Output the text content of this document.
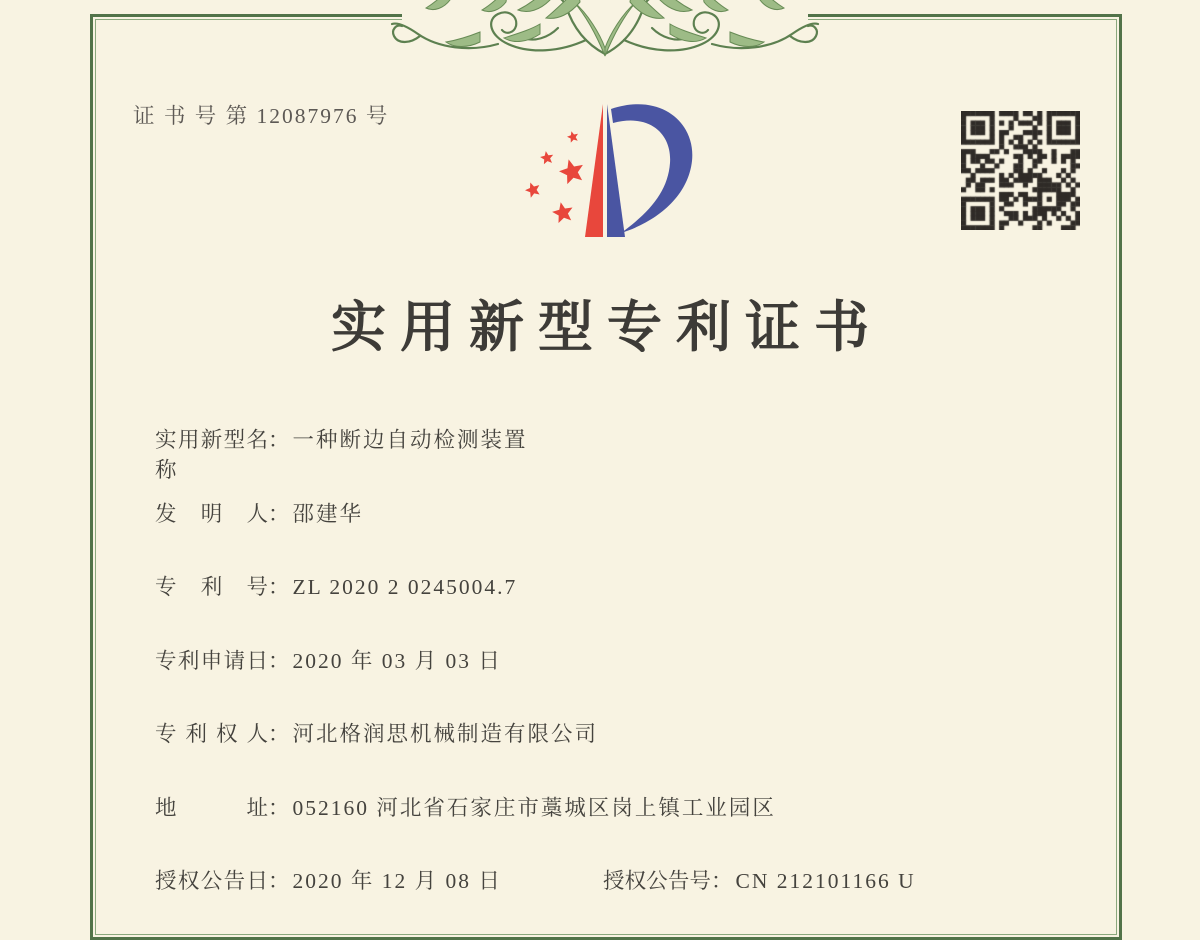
证 书 号 第 12087976 号
实用新型专利证书
实用新型名称
： 一种断边自动检测装置
发明人 ： 邵建华
专利号 ： ZL 2020 2 0245004.7
专利申请日 ： 2020 年 03 月 03 日
专利权人 ： 河北格润思机械制造有限公司
地址 ： 052160 河北省石家庄市藁城区岗上镇工业园区
授权公告日 ： 2020 年 12 月 08 日	授权公告号 ： CN 212101166 U
